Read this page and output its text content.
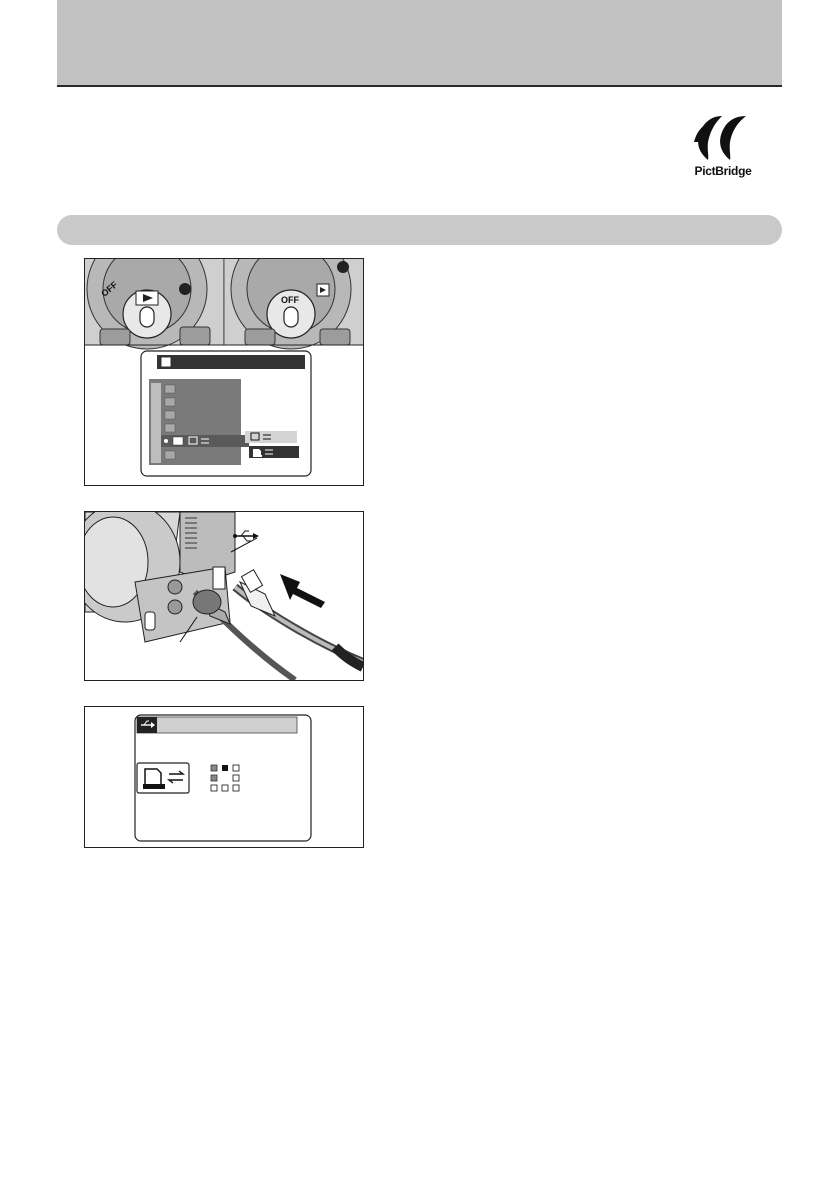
PictBridge
OFF
OFF
